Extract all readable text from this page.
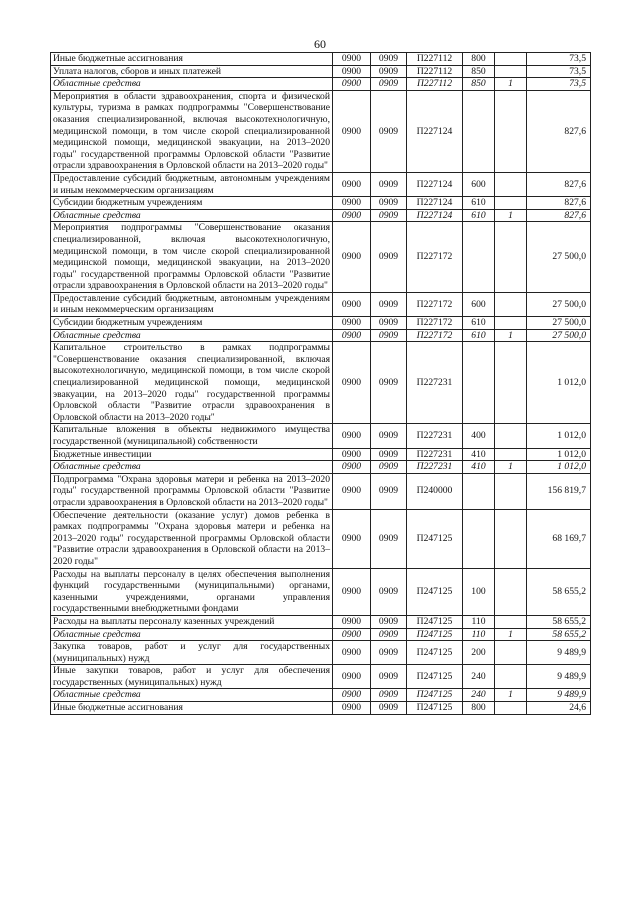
60
Иные бюджетные ассигнования	0900	0909	П227112	800		73,5
Уплата налогов, сборов и иных платежей	0900	0909	П227112	850		73,5
Областные средства	0900	0909	П227112	850	1	73,5
Мероприятия в области здравоохранения, спорта и физической культуры, туризма в рамках подпрограммы "Совершенствование оказания специализированной, включая высокотехнологичную, медицинской помощи, в том числе скорой специализированной медицинской помощи, медицинской эвакуации, на 2013–2020 годы" государственной программы Орловской области "Развитие отрасли здравоохранения в Орловской области на 2013–2020 годы"	0900	0909	П227124			827,6
Предоставление субсидий бюджетным, автономным учреждениям и иным некоммерческим организациям	0900	0909	П227124	600		827,6
Субсидии бюджетным учреждениям	0900	0909	П227124	610		827,6
Областные средства	0900	0909	П227124	610	1	827,6
Мероприятия подпрограммы "Совершенствование оказания специализированной, включая высокотехнологичную, медицинской помощи, в том числе скорой специализированной медицинской помощи, медицинской эвакуации, на 2013–2020 годы" государственной программы Орловской области "Развитие отрасли здравоохранения в Орловской области на 2013–2020 годы"	0900	0909	П227172			27 500,0
Предоставление субсидий бюджетным, автономным учреждениям и иным некоммерческим организациям	0900	0909	П227172	600		27 500,0
Субсидии бюджетным учреждениям	0900	0909	П227172	610		27 500,0
Областные средства	0900	0909	П227172	610	1	27 500,0
Капитальное строительство в рамках подпрограммы "Совершенствование оказания специализированной, включая высокотехнологичную, медицинской помощи, в том числе скорой специализированной медицинской помощи, медицинской эвакуации, на 2013–2020 годы" государственной программы Орловской области "Развитие отрасли здравоохранения в Орловской области на 2013–2020 годы"	0900	0909	П227231			1 012,0
Капитальные вложения в объекты недвижимого имущества государственной (муниципальной) собственности	0900	0909	П227231	400		1 012,0
Бюджетные инвестиции	0900	0909	П227231	410		1 012,0
Областные средства	0900	0909	П227231	410	1	1 012,0
Подпрограмма "Охрана здоровья матери и ребенка на 2013–2020 годы" государственной программы Орловской области "Развитие отрасли здравоохранения в Орловской области на 2013–2020 годы"	0900	0909	П240000			156 819,7
Обеспечение деятельности (оказание услуг) домов ребенка в рамках подпрограммы "Охрана здоровья матери и ребенка на 2013–2020 годы" государственной программы Орловской области "Развитие отрасли здравоохранения в Орловской области на 2013–2020 годы"	0900	0909	П247125			68 169,7
Расходы на выплаты персоналу в целях обеспечения выполнения функций государственными (муниципальными) органами, казенными учреждениями, органами управления государственными внебюджетными фондами	0900	0909	П247125	100		58 655,2
Расходы на выплаты персоналу казенных учреждений	0900	0909	П247125	110		58 655,2
Областные средства	0900	0909	П247125	110	1	58 655,2
Закупка товаров, работ и услуг для государственных (муниципальных) нужд	0900	0909	П247125	200		9 489,9
Иные закупки товаров, работ и услуг для обеспечения государственных (муниципальных) нужд	0900	0909	П247125	240		9 489,9
Областные средства	0900	0909	П247125	240	1	9 489,9
Иные бюджетные ассигнования	0900	0909	П247125	800		24,6
